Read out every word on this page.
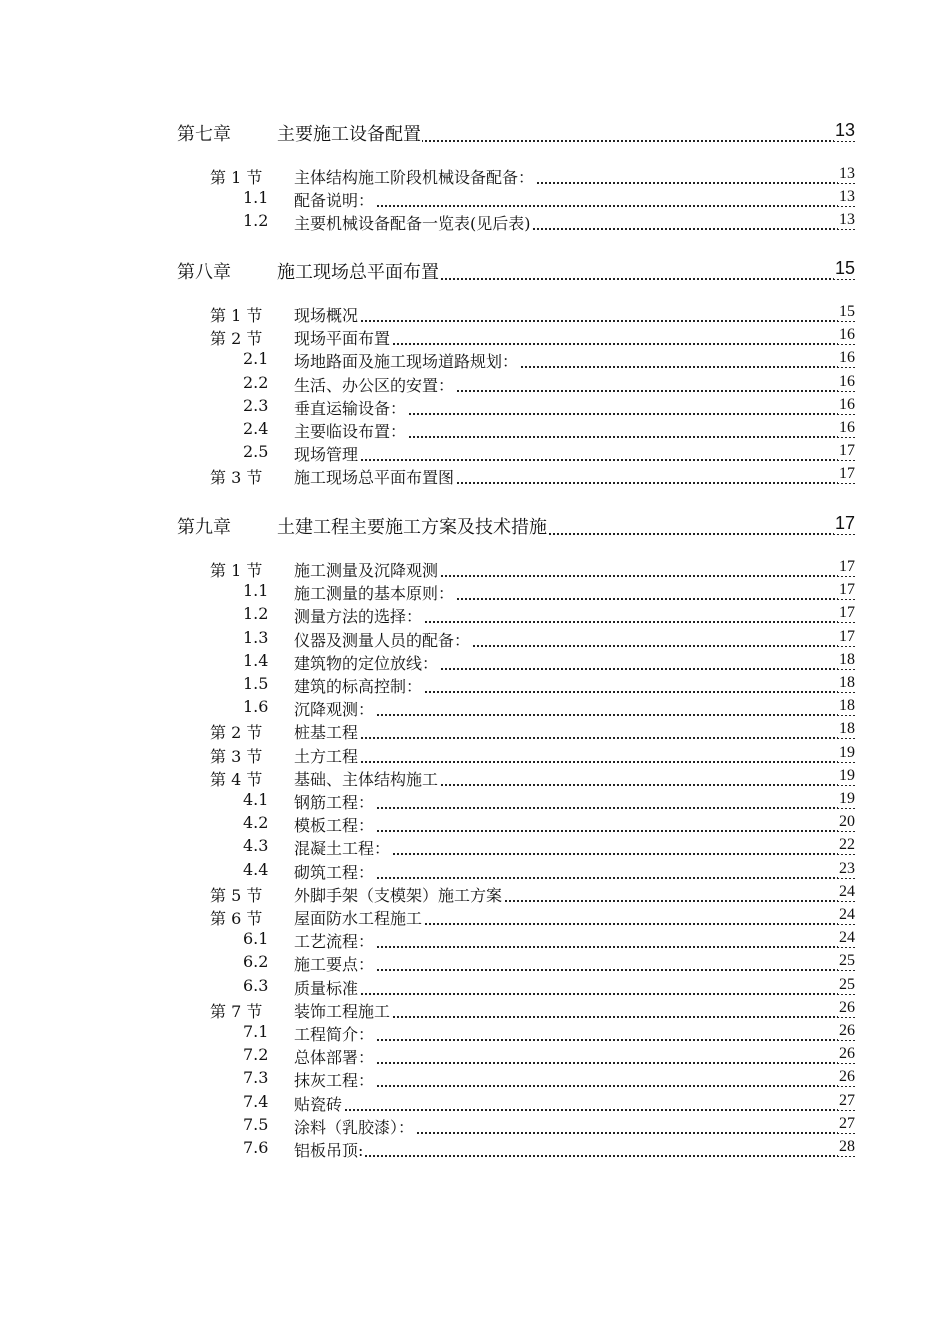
第七章	主要施工设备配置	13
第 1 节 主体结构施工阶段机械设备配备：	13
1.1 配备说明：	13
1.2 主要机械设备配备一览表(见后表)	13
第八章	施工现场总平面布置	15
第 1 节 现场概况	15
第 2 节 现场平面布置	16
2.1 场地路面及施工现场道路规划：	16
2.2 生活、办公区的安置：	16
2.3 垂直运输设备：	16
2.4 主要临设布置：	16
2.5 现场管理	17
第 3 节 施工现场总平面布置图	17
第九章	土建工程主要施工方案及技术措施	17
第 1 节 施工测量及沉降观测	17
1.1 施工测量的基本原则：	17
1.2 测量方法的选择：	17
1.3 仪器及测量人员的配备：	17
1.4 建筑物的定位放线：	18
1.5 建筑的标高控制：	18
1.6 沉降观测：	18
第 2 节 桩基工程	18
第 3 节 土方工程	19
第 4 节 基础、主体结构施工	19
4.1 钢筋工程：	19
4.2 模板工程：	20
4.3 混凝土工程：	22
4.4 砌筑工程：	23
第 5 节 外脚手架（支模架）施工方案	24
第 6 节 屋面防水工程施工	24
6.1 工艺流程：	24
6.2 施工要点：	25
6.3 质量标准	25
第 7 节 装饰工程施工	26
7.1 工程简介：	26
7.2 总体部署：	26
7.3 抹灰工程：	26
7.4 贴瓷砖	27
7.5 涂料（乳胶漆）：	27
7.6 铝板吊顶:	28
